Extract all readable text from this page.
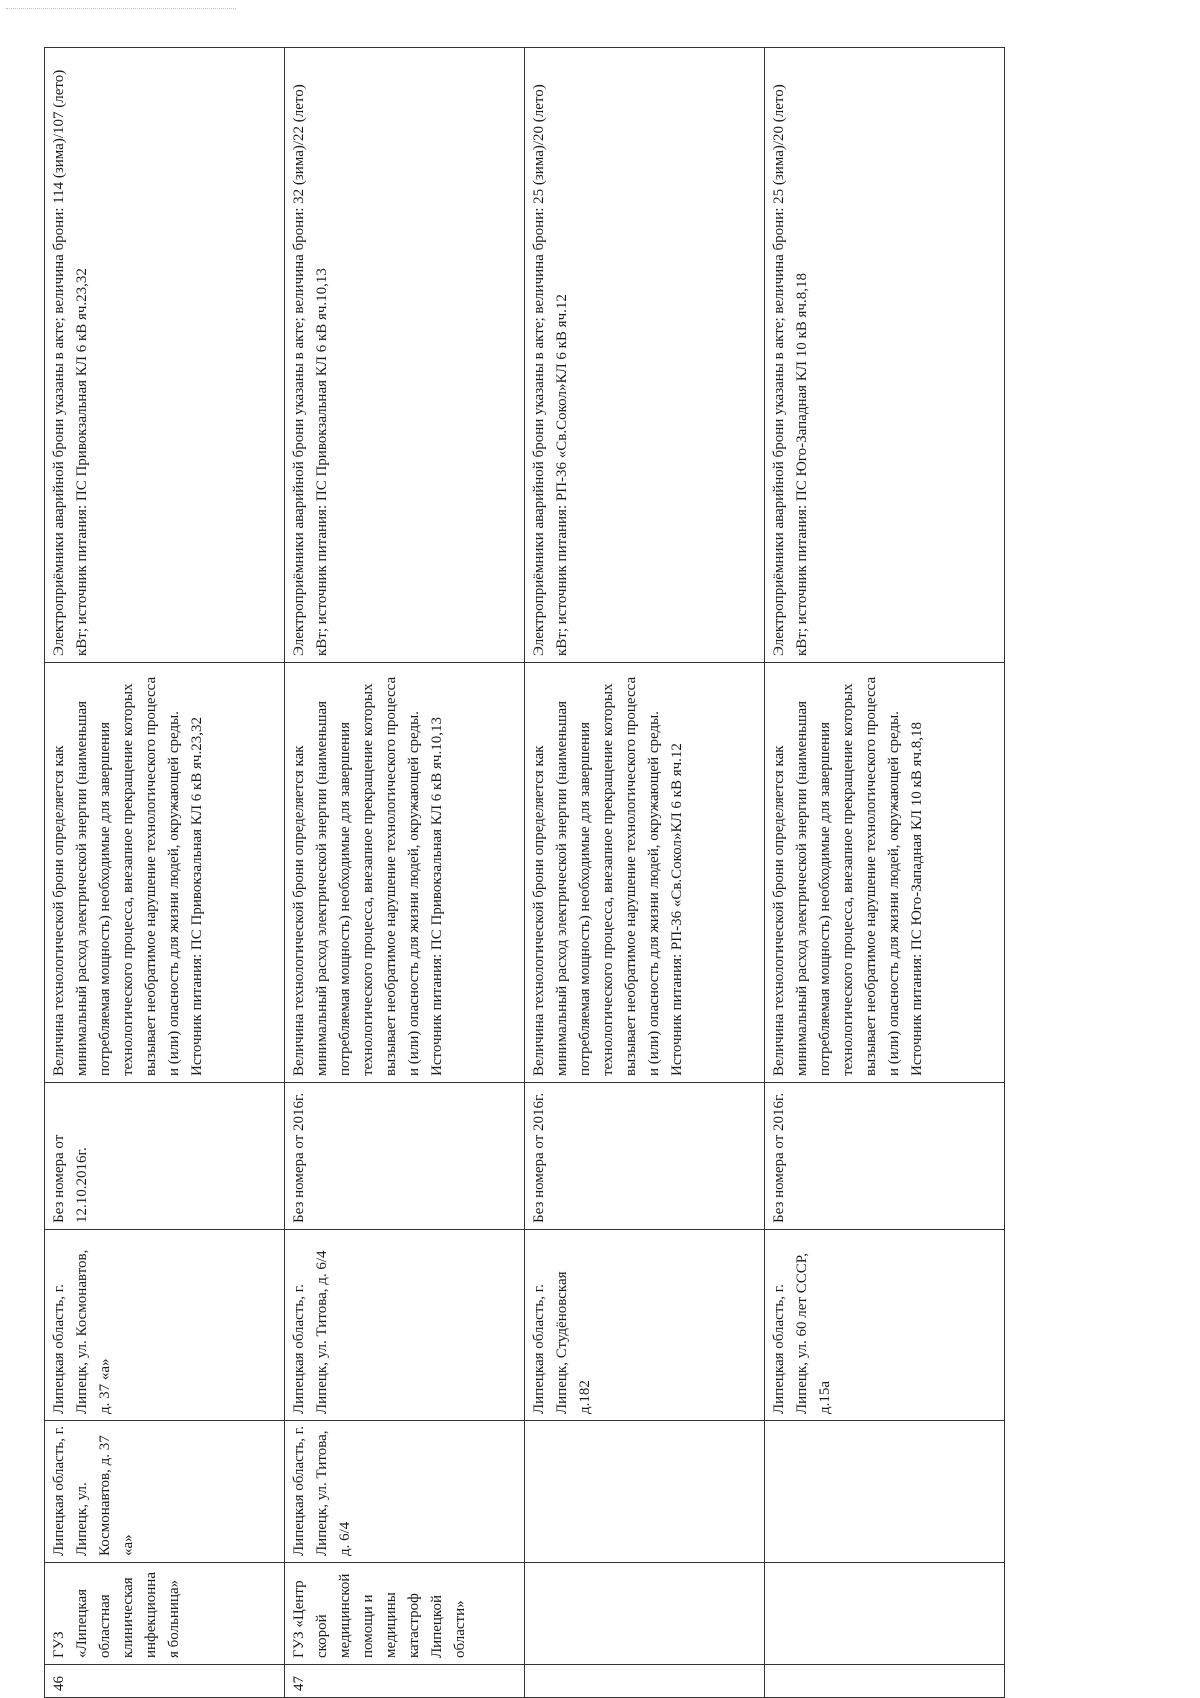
46	ГУЗ «Липецкая областная клиническая инфекционная больница»	Липецкая область, г. Липецк, ул. Космонавтов, д. 37 «а»	Липецкая область, г. Липецк, ул. Космонавтов, д. 37 «а»	Без номера от 12.10.2016г.	Величина технологической брони определяется как минимальный расход электрической энергии (наименьшая потребляемая мощность) необходимые для завершения технологического процесса, внезапное прекращение которых вызывает необратимое нарушение технологического процесса и (или) опасность для жизни людей, окружающей среды. Источник питания: ПС Привокзальная КЛ 6 кВ яч.23,32	Электроприёмники аварийной брони указаны в акте; величина брони: 114 (зима)/107 (лето) кВт; источник питания: ПС Привокзальная КЛ 6 кВ яч.23,32
47	ГУЗ «Центр скорой медицинской помощи и медицины катастроф Липецкой области»	Липецкая область, г. Липецк, ул. Титова, д. 6/4	Липецкая область, г. Липецк, ул. Титова, д. 6/4	Без номера от 2016г.	Величина технологической брони определяется как минимальный расход электрической энергии (наименьшая потребляемая мощность) необходимые для завершения технологического процесса, внезапное прекращение которых вызывает необратимое нарушение технологического процесса и (или) опасность для жизни людей, окружающей среды. Источник питания: ПС Привокзальная КЛ 6 кВ яч.10,13	Электроприёмники аварийной брони указаны в акте; величина брони: 32 (зима)/22 (лето) кВт; источник питания: ПС Привокзальная КЛ 6 кВ яч.10,13
			Липецкая область, г. Липецк, Студёновская д.182	Без номера от 2016г.	Величина технологической брони определяется как минимальный расход электрической энергии (наименьшая потребляемая мощность) необходимые для завершения технологического процесса, внезапное прекращение которых вызывает необратимое нарушение технологического процесса и (или) опасность для жизни людей, окружающей среды. Источник питания: РП-36 «Св.Сокол»КЛ 6 кВ яч.12	Электроприёмники аварийной брони указаны в акте; величина брони: 25 (зима)/20 (лето) кВт; источник питания: РП-36 «Св.Сокол»КЛ 6 кВ яч.12
			Липецкая область, г. Липецк, ул. 60 лет СССР, д.15а	Без номера от 2016г.	Величина технологической брони определяется как минимальный расход электрической энергии (наименьшая потребляемая мощность) необходимые для завершения технологического процесса, внезапное прекращение которых вызывает необратимое нарушение технологического процесса и (или) опасность для жизни людей, окружающей среды. Источник питания: ПС Юго-Западная КЛ 10 кВ яч.8,18	Электроприёмники аварийной брони указаны в акте; величина брони: 25 (зима)/20 (лето) кВт; источник питания: ПС Юго-Западная КЛ 10 кВ яч.8,18
